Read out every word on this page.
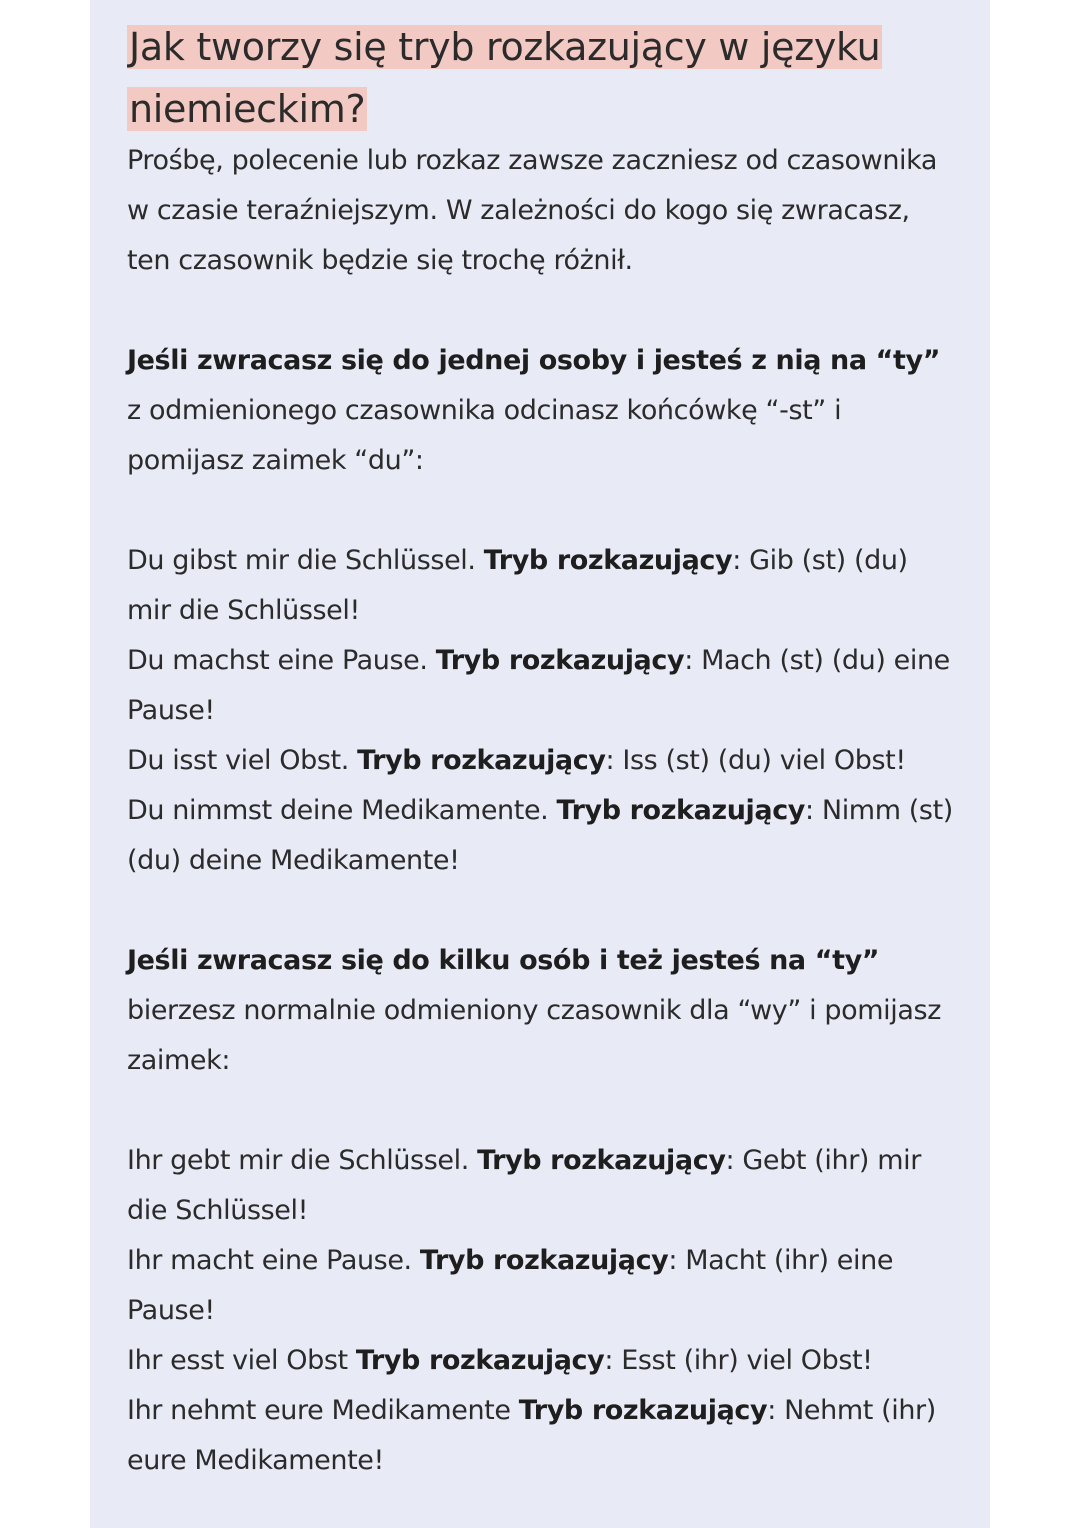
Jak tworzy się tryb rozkazujący w języku niemieckim?

Prośbę, polecenie lub rozkaz zawsze zaczniesz od czasownika w czasie teraźniejszym. W zależności do kogo się zwracasz, ten czasownik będzie się trochę różnił.

Jeśli zwracasz się do jednej osoby i jesteś z nią na “ty” z odmienionego czasownika odcinasz końcówkę “-st” i pomijasz zaimek “du”:

Du gibst mir die Schlüssel. Tryb rozkazujący: Gib (st) (du) mir die Schlüssel!

Du machst eine Pause. Tryb rozkazujący: Mach (st) (du) eine Pause!

Du isst viel Obst. Tryb rozkazujący: Iss (st) (du) viel Obst!

Du nimmst deine Medikamente. Tryb rozkazujący: Nimm (st) (du) deine Medikamente!

Jeśli zwracasz się do kilku osób i też jesteś na “ty” bierzesz normalnie odmieniony czasownik dla “wy” i pomijasz zaimek:

Ihr gebt mir die Schlüssel. Tryb rozkazujący: Gebt (ihr) mir die Schlüssel!

Ihr macht eine Pause. Tryb rozkazujący: Macht (ihr) eine Pause!

Ihr esst viel Obst Tryb rozkazujący: Esst (ihr) viel Obst!

Ihr nehmt eure Medikamente Tryb rozkazujący: Nehmt (ihr) eure Medikamente!
